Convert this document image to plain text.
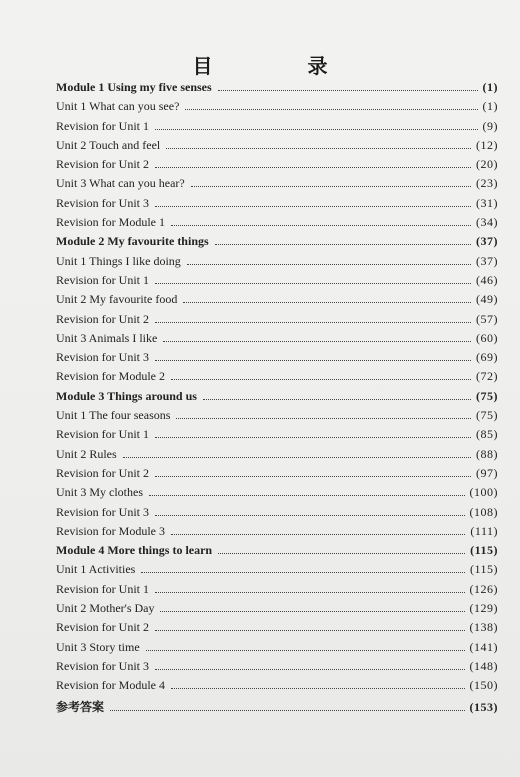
目 录
Module 1 Using my five senses	(1)
Unit 1 What can you see?	(1)
Revision for Unit 1	(9)
Unit 2 Touch and feel	(12)
Revision for Unit 2	(20)
Unit 3 What can you hear?	(23)
Revision for Unit 3	(31)
Revision for Module 1	(34)
Module 2 My favourite things	(37)
Unit 1 Things I like doing	(37)
Revision for Unit 1	(46)
Unit 2 My favourite food	(49)
Revision for Unit 2	(57)
Unit 3 Animals I like	(60)
Revision for Unit 3	(69)
Revision for Module 2	(72)
Module 3 Things around us	(75)
Unit 1 The four seasons	(75)
Revision for Unit 1	(85)
Unit 2 Rules	(88)
Revision for Unit 2	(97)
Unit 3 My clothes	(100)
Revision for Unit 3	(108)
Revision for Module 3	(111)
Module 4 More things to learn	(115)
Unit 1 Activities	(115)
Revision for Unit 1	(126)
Unit 2 Mother's Day	(129)
Revision for Unit 2	(138)
Unit 3 Story time	(141)
Revision for Unit 3	(148)
Revision for Module 4	(150)
参考答案	(153)
